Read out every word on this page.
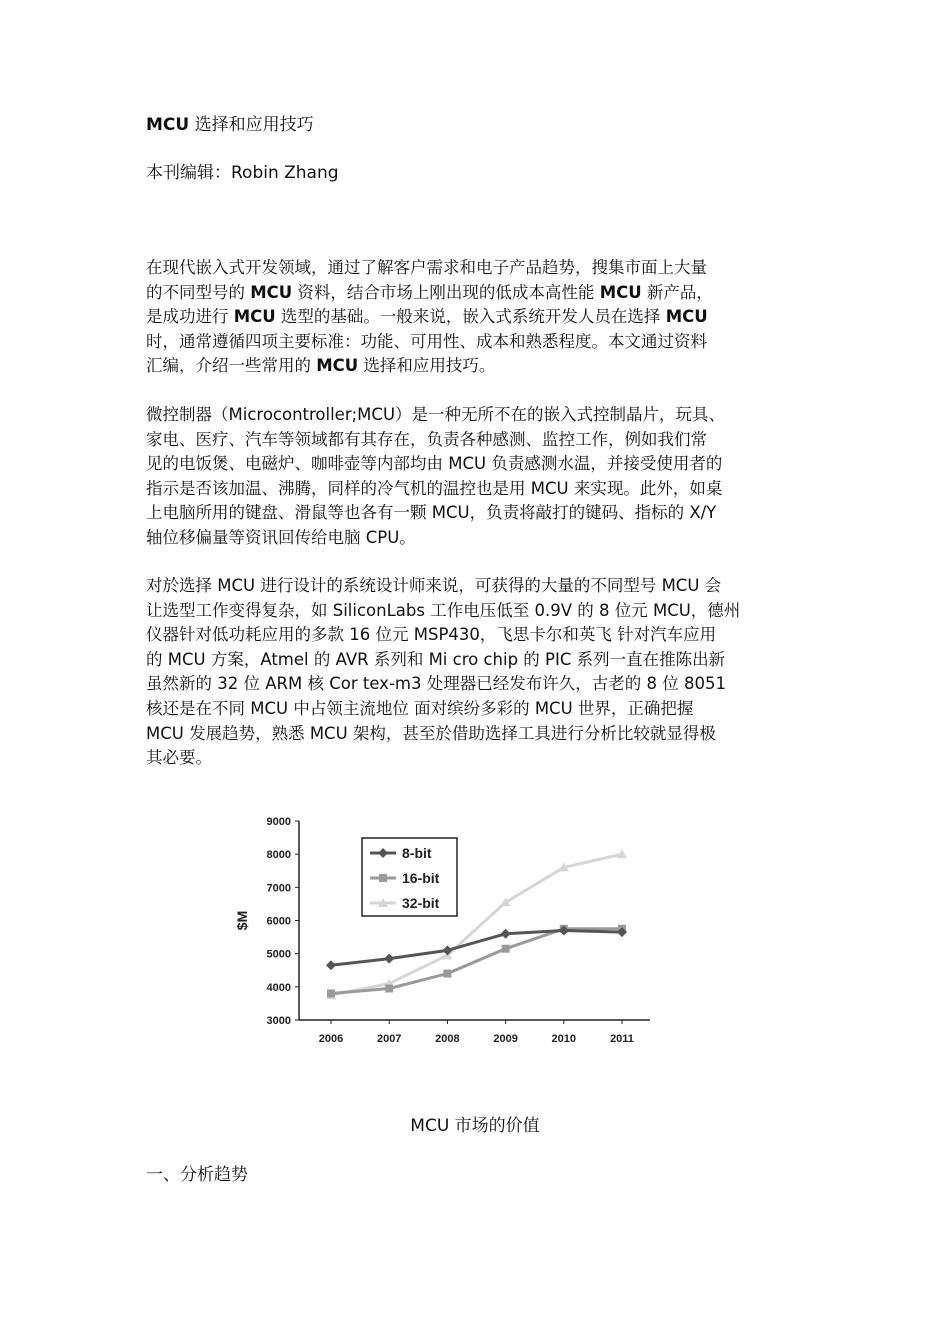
MCU 选择和应用技巧
本刊编辑：Robin Zhang
在现代嵌入式开发领域，通过了解客户需求和电子产品趋势，搜集市面上大量
的不同型号的 MCU 资料，结合市场上刚出现的低成本高性能 MCU 新产品，
是成功进行 MCU 选型的基础。一般来说，嵌入式系统开发人员在选择 MCU
时，通常遵循四项主要标准：功能、可用性、成本和熟悉程度。本文通过资料
汇编，介绍一些常用的 MCU 选择和应用技巧。
微控制器（Microcontroller;MCU）是一种无所不在的嵌入式控制晶片，玩具、
家电、医疗、汽车等领域都有其存在，负责各种感测、监控工作，例如我们常
见的电饭煲、电磁炉、咖啡壶等内部均由 MCU 负责感测水温，并接受使用者的
指示是否该加温、沸腾，同样的冷气机的温控也是用 MCU 来实现。此外，如桌
上电脑所用的键盘、滑鼠等也各有一颗 MCU，负责将敲打的键码、指标的 X/Y
轴位移偏量等资讯回传给电脑 CPU。
对於选择 MCU 进行设计的系统设计师来说，可获得的大量的不同型号 MCU 会
让选型工作变得复杂，如 SiliconLabs 工作电压低至 0.9V 的 8 位元 MCU，德州
仪器针对低功耗应用的多款 16 位元 MSP430，飞思卡尔和英飞 针对汽车应用
的 MCU 方案，Atmel 的 AVR 系列和 Mi cro chip 的 PIC 系列一直在推陈出新
虽然新的 32 位 ARM 核 Cor tex-m3 处理器已经发布许久，古老的 8 位 8051
核还是在不同 MCU 中占领主流地位 面对缤纷多彩的 MCU 世界，正确把握
MCU 发展趋势，熟悉 MCU 架构，甚至於借助选择工具进行分析比较就显得极
其必要。
3000
4000
5000
6000
7000
8000
9000
2006	2007	2008	2009	2010	2011
$M
8-bit
16-bit
32-bit
MCU 市场的价值
一、分析趋势
